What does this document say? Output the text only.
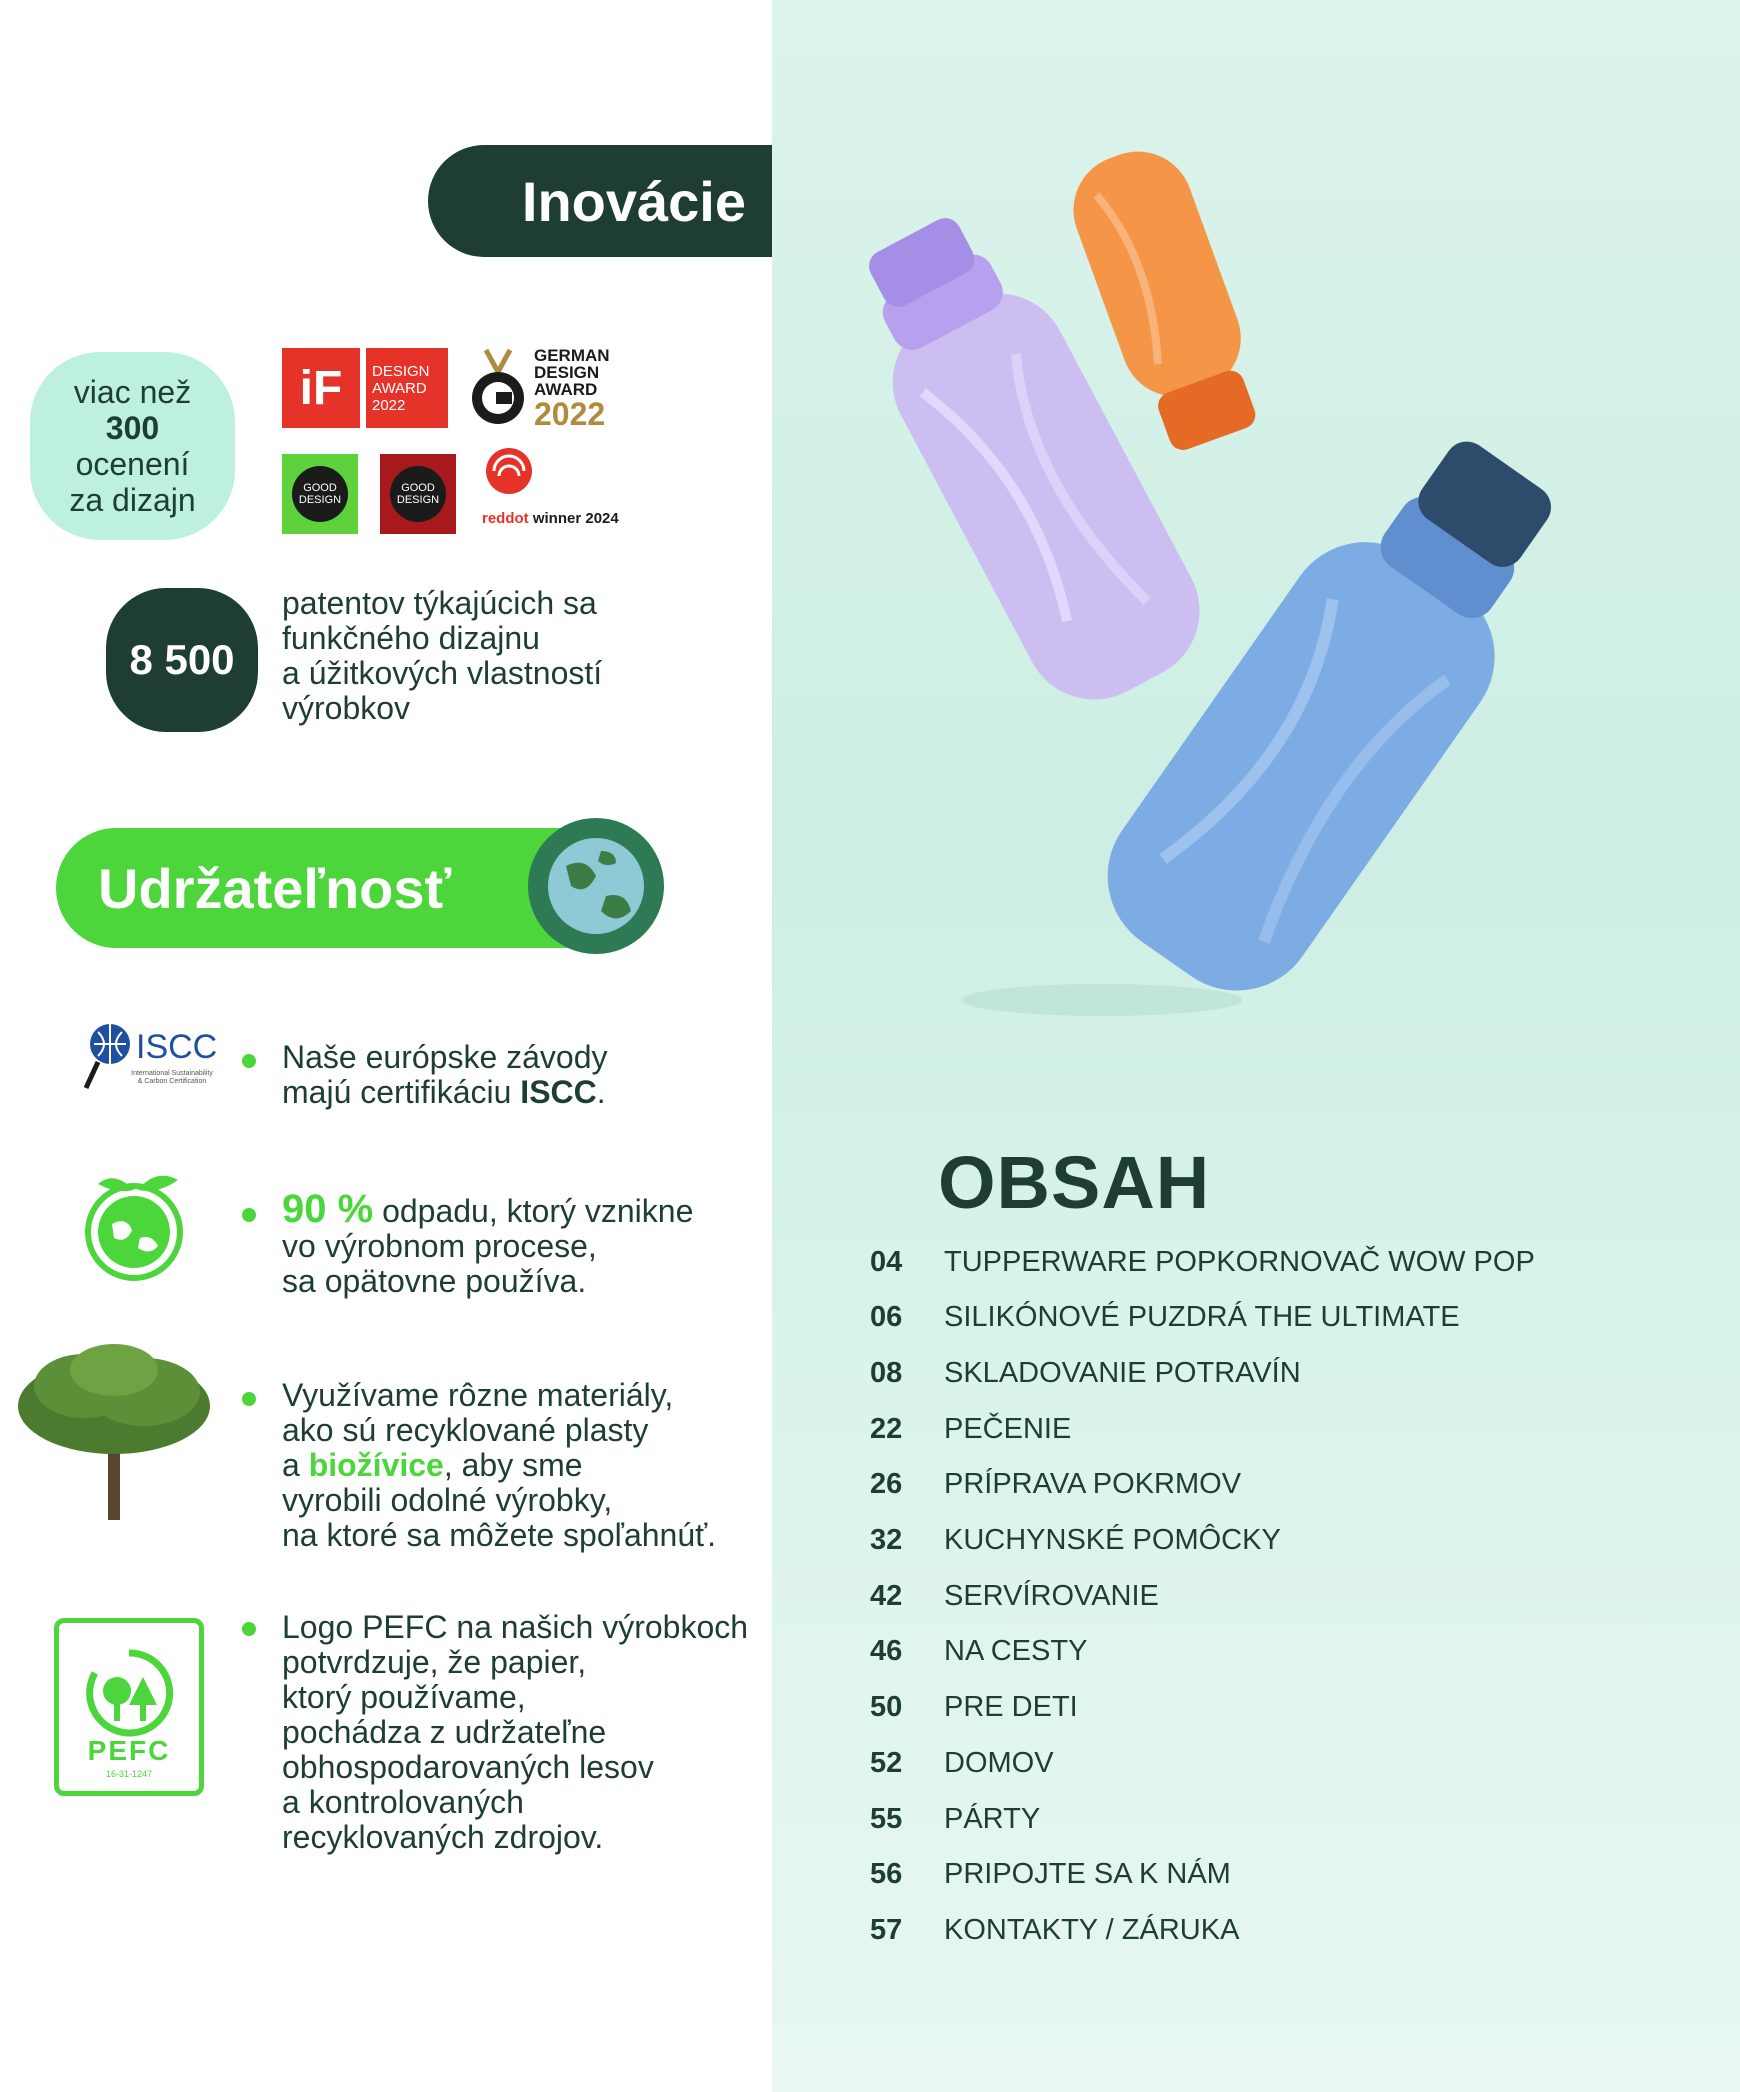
Inovácie
viac než
300
ocenení
za dizajn
iF	DESIGN
AWARD
2022
GERMAN
DESIGN
AWARD
2022
GOOD
DESIGN
GOOD
DESIGN
reddot winner 2024
8 500
patentov týkajúcich sa
funkčného dizajnu
a úžitkových vlastností
výrobkov
Udržateľnosť
ISCC
International Sustainability
& Carbon Certification
Naše európske závody
majú certifikáciu ISCC.
90 % odpadu, ktorý vznikne
vo výrobnom procese,
sa opätovne používa.
Využívame rôzne materiály,
ako sú recyklované plasty
a biožívice, aby sme
vyrobili odolné výrobky,
na ktoré sa môžete spoľahnúť.
PEFC
16-31-1247
Logo PEFC na našich výrobkoch
potvrdzuje, že papier,
ktorý používame,
pochádza z udržateľne
obhospodarovaných lesov
a kontrolovaných
recyklovaných zdrojov.
OBSAH
04	TUPPERWARE POPKORNOVAČ WOW POP
06	SILIKÓNOVÉ PUZDRÁ THE ULTIMATE
08	SKLADOVANIE POTRAVÍN
22	PEČENIE
26	PRÍPRAVA POKRMOV
32	KUCHYNSKÉ POMÔCKY
42	SERVÍROVANIE
46	NA CESTY
50	PRE DETI
52	DOMOV
55	PÁRTY
56	PRIPOJTE SA K NÁM
57	KONTAKTY / ZÁRUKA
